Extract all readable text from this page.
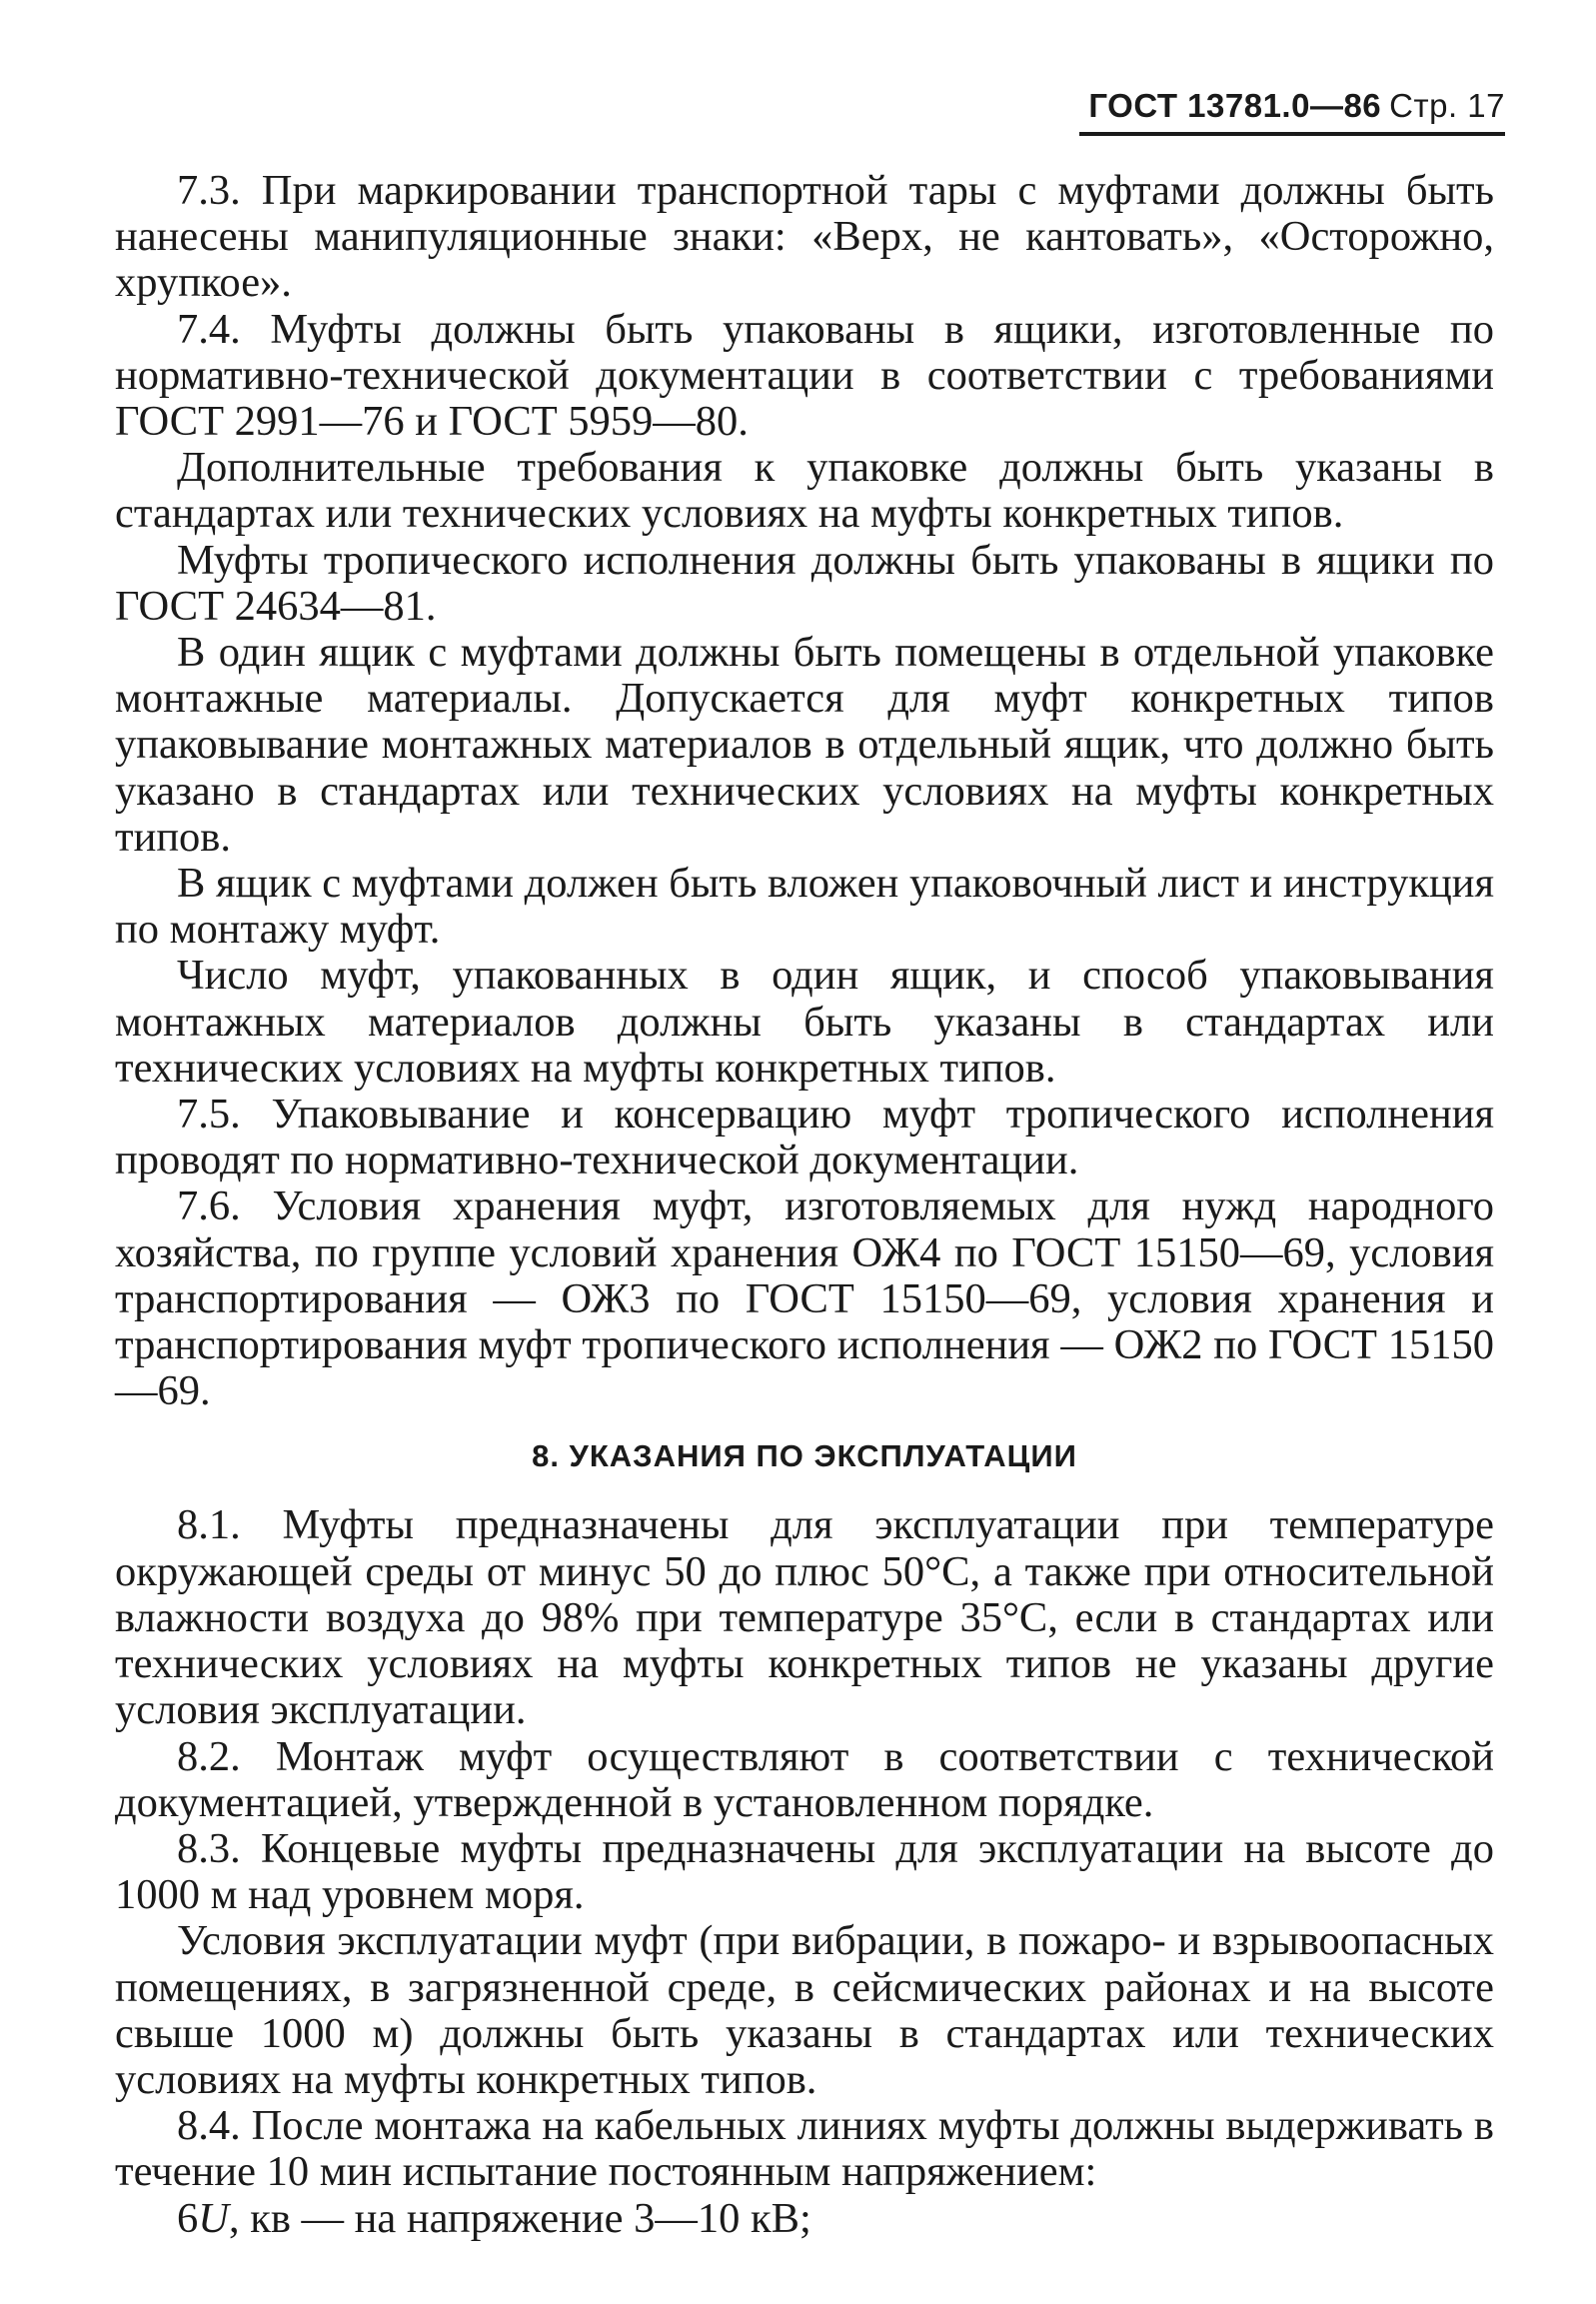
ГОСТ 13781.0—86 Стр. 17

7.3. При маркировании транспортной тары с муфтами должны быть нанесены манипуляционные знаки: «Верх, не кантовать», «Осторожно, хрупкое».

7.4. Муфты должны быть упакованы в ящики, изготовленные по нормативно-технической документации в соответствии с требованиями ГОСТ 2991—76 и ГОСТ 5959—80.

Дополнительные требования к упаковке должны быть указаны в стандартах или технических условиях на муфты конкретных типов.

Муфты тропического исполнения должны быть упакованы в ящики по ГОСТ 24634—81.

В один ящик с муфтами должны быть помещены в отдельной упаковке монтажные материалы. Допускается для муфт конкретных типов упаковывание монтажных материалов в отдельный ящик, что должно быть указано в стандартах или технических условиях на муфты конкретных типов.

В ящик с муфтами должен быть вложен упаковочный лист и инструкция по монтажу муфт.

Число муфт, упакованных в один ящик, и способ упаковывания монтажных материалов должны быть указаны в стандартах или технических условиях на муфты конкретных типов.

7.5. Упаковывание и консервацию муфт тропического исполнения проводят по нормативно-технической документации.

7.6. Условия хранения муфт, изготовляемых для нужд народного хозяйства, по группе условий хранения ОЖ4 по ГОСТ 15150—69, условия транспортирования — ОЖ3 по ГОСТ 15150—69, условия хранения и транспортирования муфт тропического исполнения — ОЖ2 по ГОСТ 15150—69.

8. УКАЗАНИЯ ПО ЭКСПЛУАТАЦИИ

8.1. Муфты предназначены для эксплуатации при температуре окружающей среды от минус 50 до плюс 50°C, а также при относительной влажности воздуха до 98% при температуре 35°C, если в стандартах или технических условиях на муфты конкретных типов не указаны другие условия эксплуатации.

8.2. Монтаж муфт осуществляют в соответствии с технической документацией, утвержденной в установленном порядке.

8.3. Концевые муфты предназначены для эксплуатации на высоте до 1000 м над уровнем моря.

Условия эксплуатации муфт (при вибрации, в пожаро- и взрывоопасных помещениях, в загрязненной среде, в сейсмических районах и на высоте свыше 1000 м) должны быть указаны в стандартах или технических условиях на муфты конкретных типов.

8.4. После монтажа на кабельных линиях муфты должны выдерживать в течение 10 мин испытание постоянным напряжением:

6U, кв — на напряжение 3—10 кВ;
